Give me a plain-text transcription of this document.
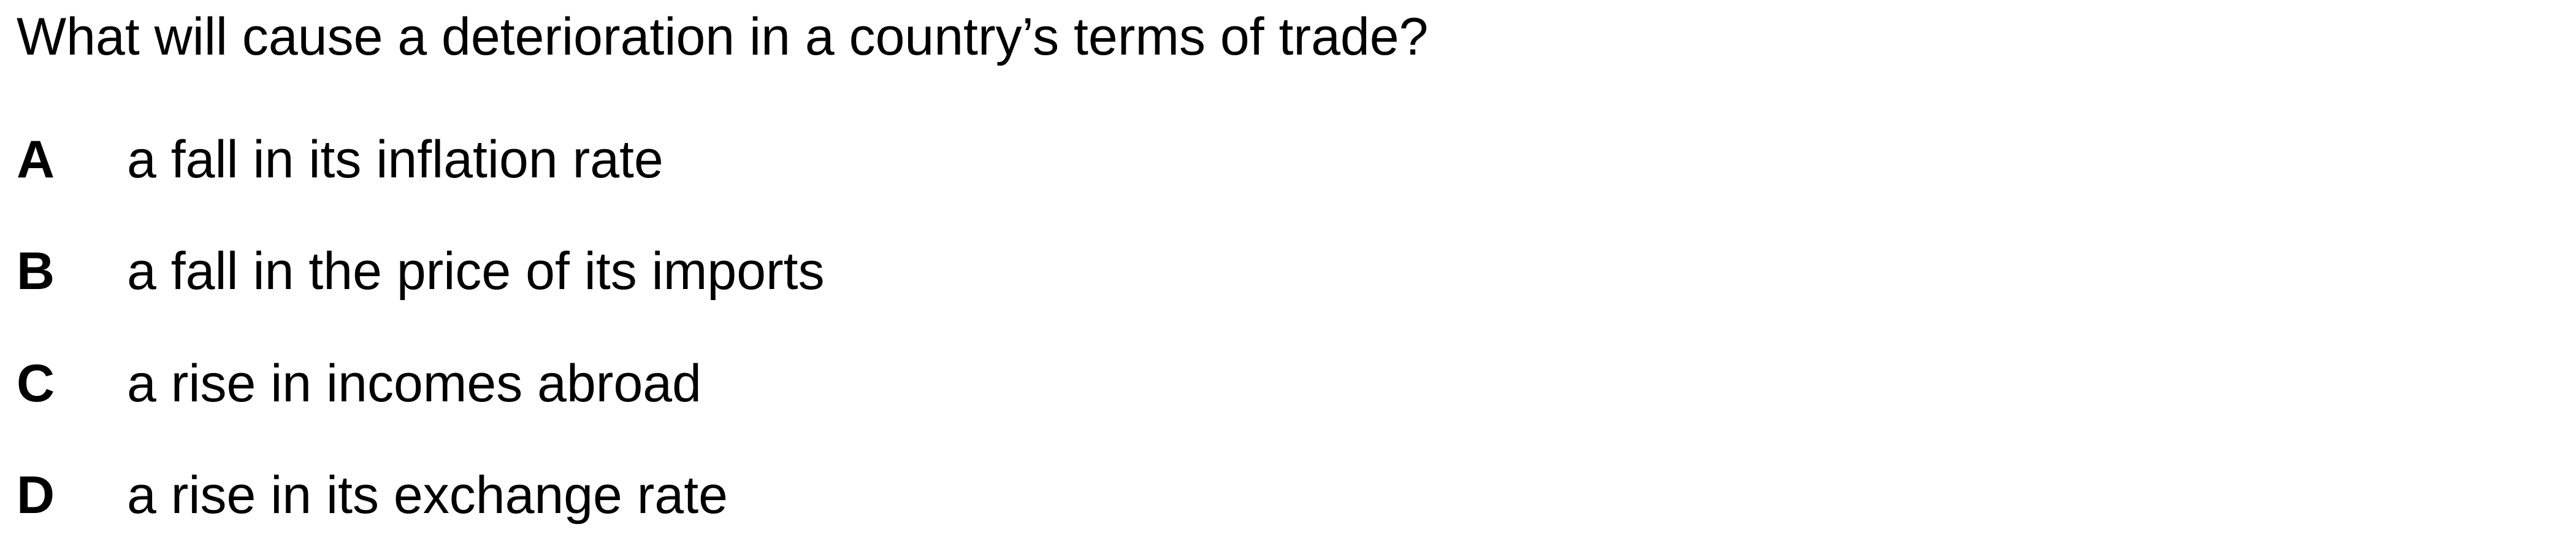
What will cause a deterioration in a country’s terms of trade?

A a fall in its inflation rate
B a fall in the price of its imports
C a rise in incomes abroad
D a rise in its exchange rate
